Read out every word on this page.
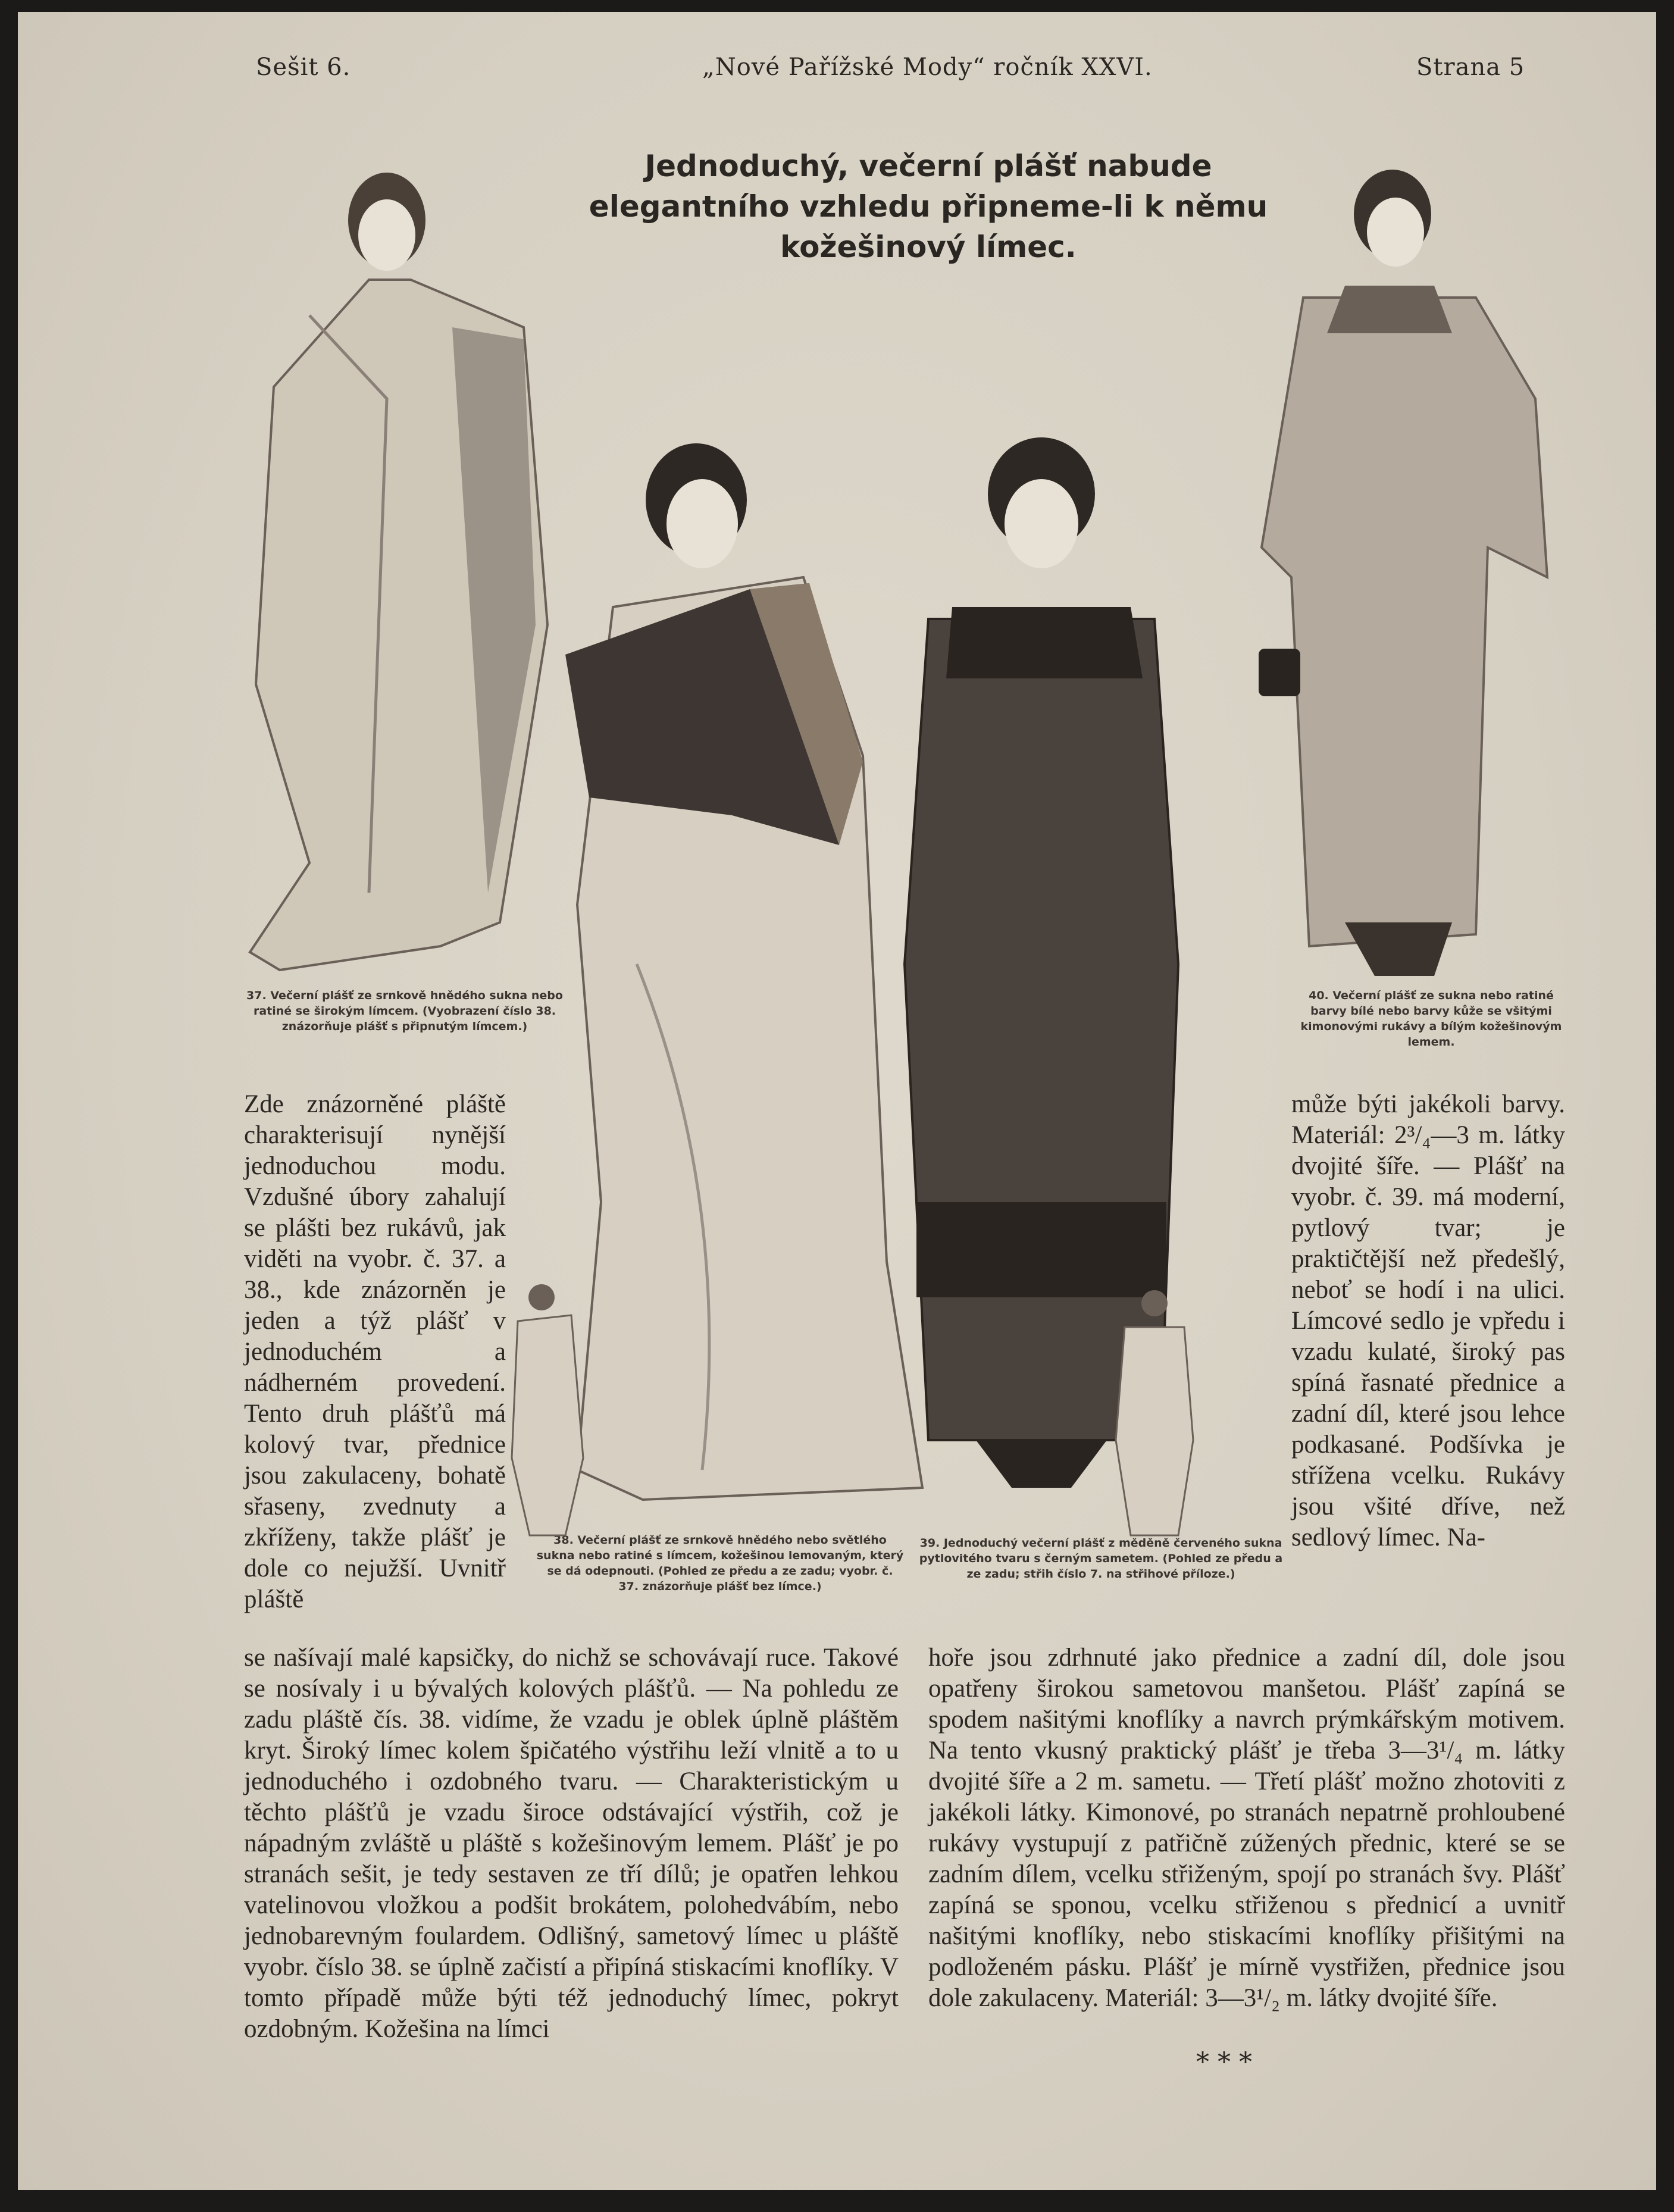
Sešit 6.	„Nové Pařížské Mody“ ročník XXVI.	Strana 5
Jednoduchý, večerní plášť nabude elegantního vzhledu připneme-li k němu kožešinový límec.
37. Večerní plášť ze srnkově hnědého sukna nebo ratiné se širokým límcem. (Vyobrazení číslo 38. znázorňuje plášť s připnutým límcem.)
38. Večerní plášť ze srnkově hnědého nebo světlého sukna nebo ratiné s límcem, kožešinou lemovaným, který se dá odepnouti. (Pohled ze předu a ze zadu; vyobr. č. 37. znázorňuje plášť bez límce.)
39. Jednoduchý večerní plášť z měděně červeného sukna pytlovitého tvaru s černým sametem. (Pohled ze předu a ze zadu; střih číslo 7. na střihové příloze.)
40. Večerní plášť ze sukna nebo ratiné barvy bílé nebo barvy kůže se všitými kimonovými rukávy a bílým kožešinovým lemem.

Zde znázorněné pláště charakterisují nynější jednoduchou modu. Vzdušné úbory zahalují se plášti bez rukávů, jak viděti na vyobr. č. 37. a 38., kde znázorněn je jeden a týž plášť v jednoduchém a nádherném provedení. Tento druh plášťů má kolový tvar, přednice jsou zakulaceny, bohatě sřaseny, zvednuty a zkříženy, takže plášť je dole co nejužší. Uvnitř pláště

může býti jakékoli barvy. Materiál: 2³/₄—3 m. látky dvojité šíře. — Plášť na vyobr. č. 39. má moderní, pytlový tvar; je praktičtější než předešlý, neboť se hodí i na ulici. Límcové sedlo je vpředu i vzadu kulaté, široký pas spíná řasnaté přednice a zadní díl, které jsou lehce podkasané. Podšívka je stříženа vcelku. Rukávy jsou všité dříve, než sedlový límec. Na-

se našívají malé kapsičky, do nichž se schovávají ruce. Takové se nosívaly i u bývalých kolových plášťů. — Na pohledu ze zadu pláště čís. 38. vidíme, že vzadu je oblek úplně pláštěm kryt. Široký límec kolem špičatého výstřihu leží vlnitě a to u jednoduchého i ozdobného tvaru. — Charakteristickým u těchto plášťů je vzadu široce odstávající výstřih, což je nápadným zvláště u pláště s kožešinovým lemem. Plášť je po stranách sešit, je tedy sestaven ze tří dílů; je opatřen lehkou vatelinovou vložkou a podšit brokátem, polohedvábím, nebo jednobarevným foulardem. Odlišný, sametový límec u pláště vyobr. číslo 38. se úplně začistí a připíná stiskacími knoflíky. V tomto případě může býti též jednoduchý límec, pokryt ozdobným. Kožešina na límci

hoře jsou zdrhnuté jako přednice a zadní díl, dole jsou opatřeny širokou sametovou manšetou. Plášť zapíná se spodem našitými knoflíky a navrch prýmkářským motivem. Na tento vkusný praktický plášť je třeba 3—3¹/₄ m. látky dvojité šíře a 2 m. sametu. — Třetí plášť možno zhotoviti z jakékoli látky. Kimonové, po stranách nepatrně prohloubené rukávy vystupují z patřičně zúžených přednic, které se se zadním dílem, vcelku střiženým, spojí po stranách švy. Plášť zapíná se sponou, vcelku střiženou s přednicí a uvnitř našitými knoflíky, nebo stiskacími knoflíky přišitými na podloženém pásku. Plášť je mírně vystřižen, přednice jsou dole zakulaceny. Materiál: 3—3¹/₂ m. látky dvojité šíře.

* * *
